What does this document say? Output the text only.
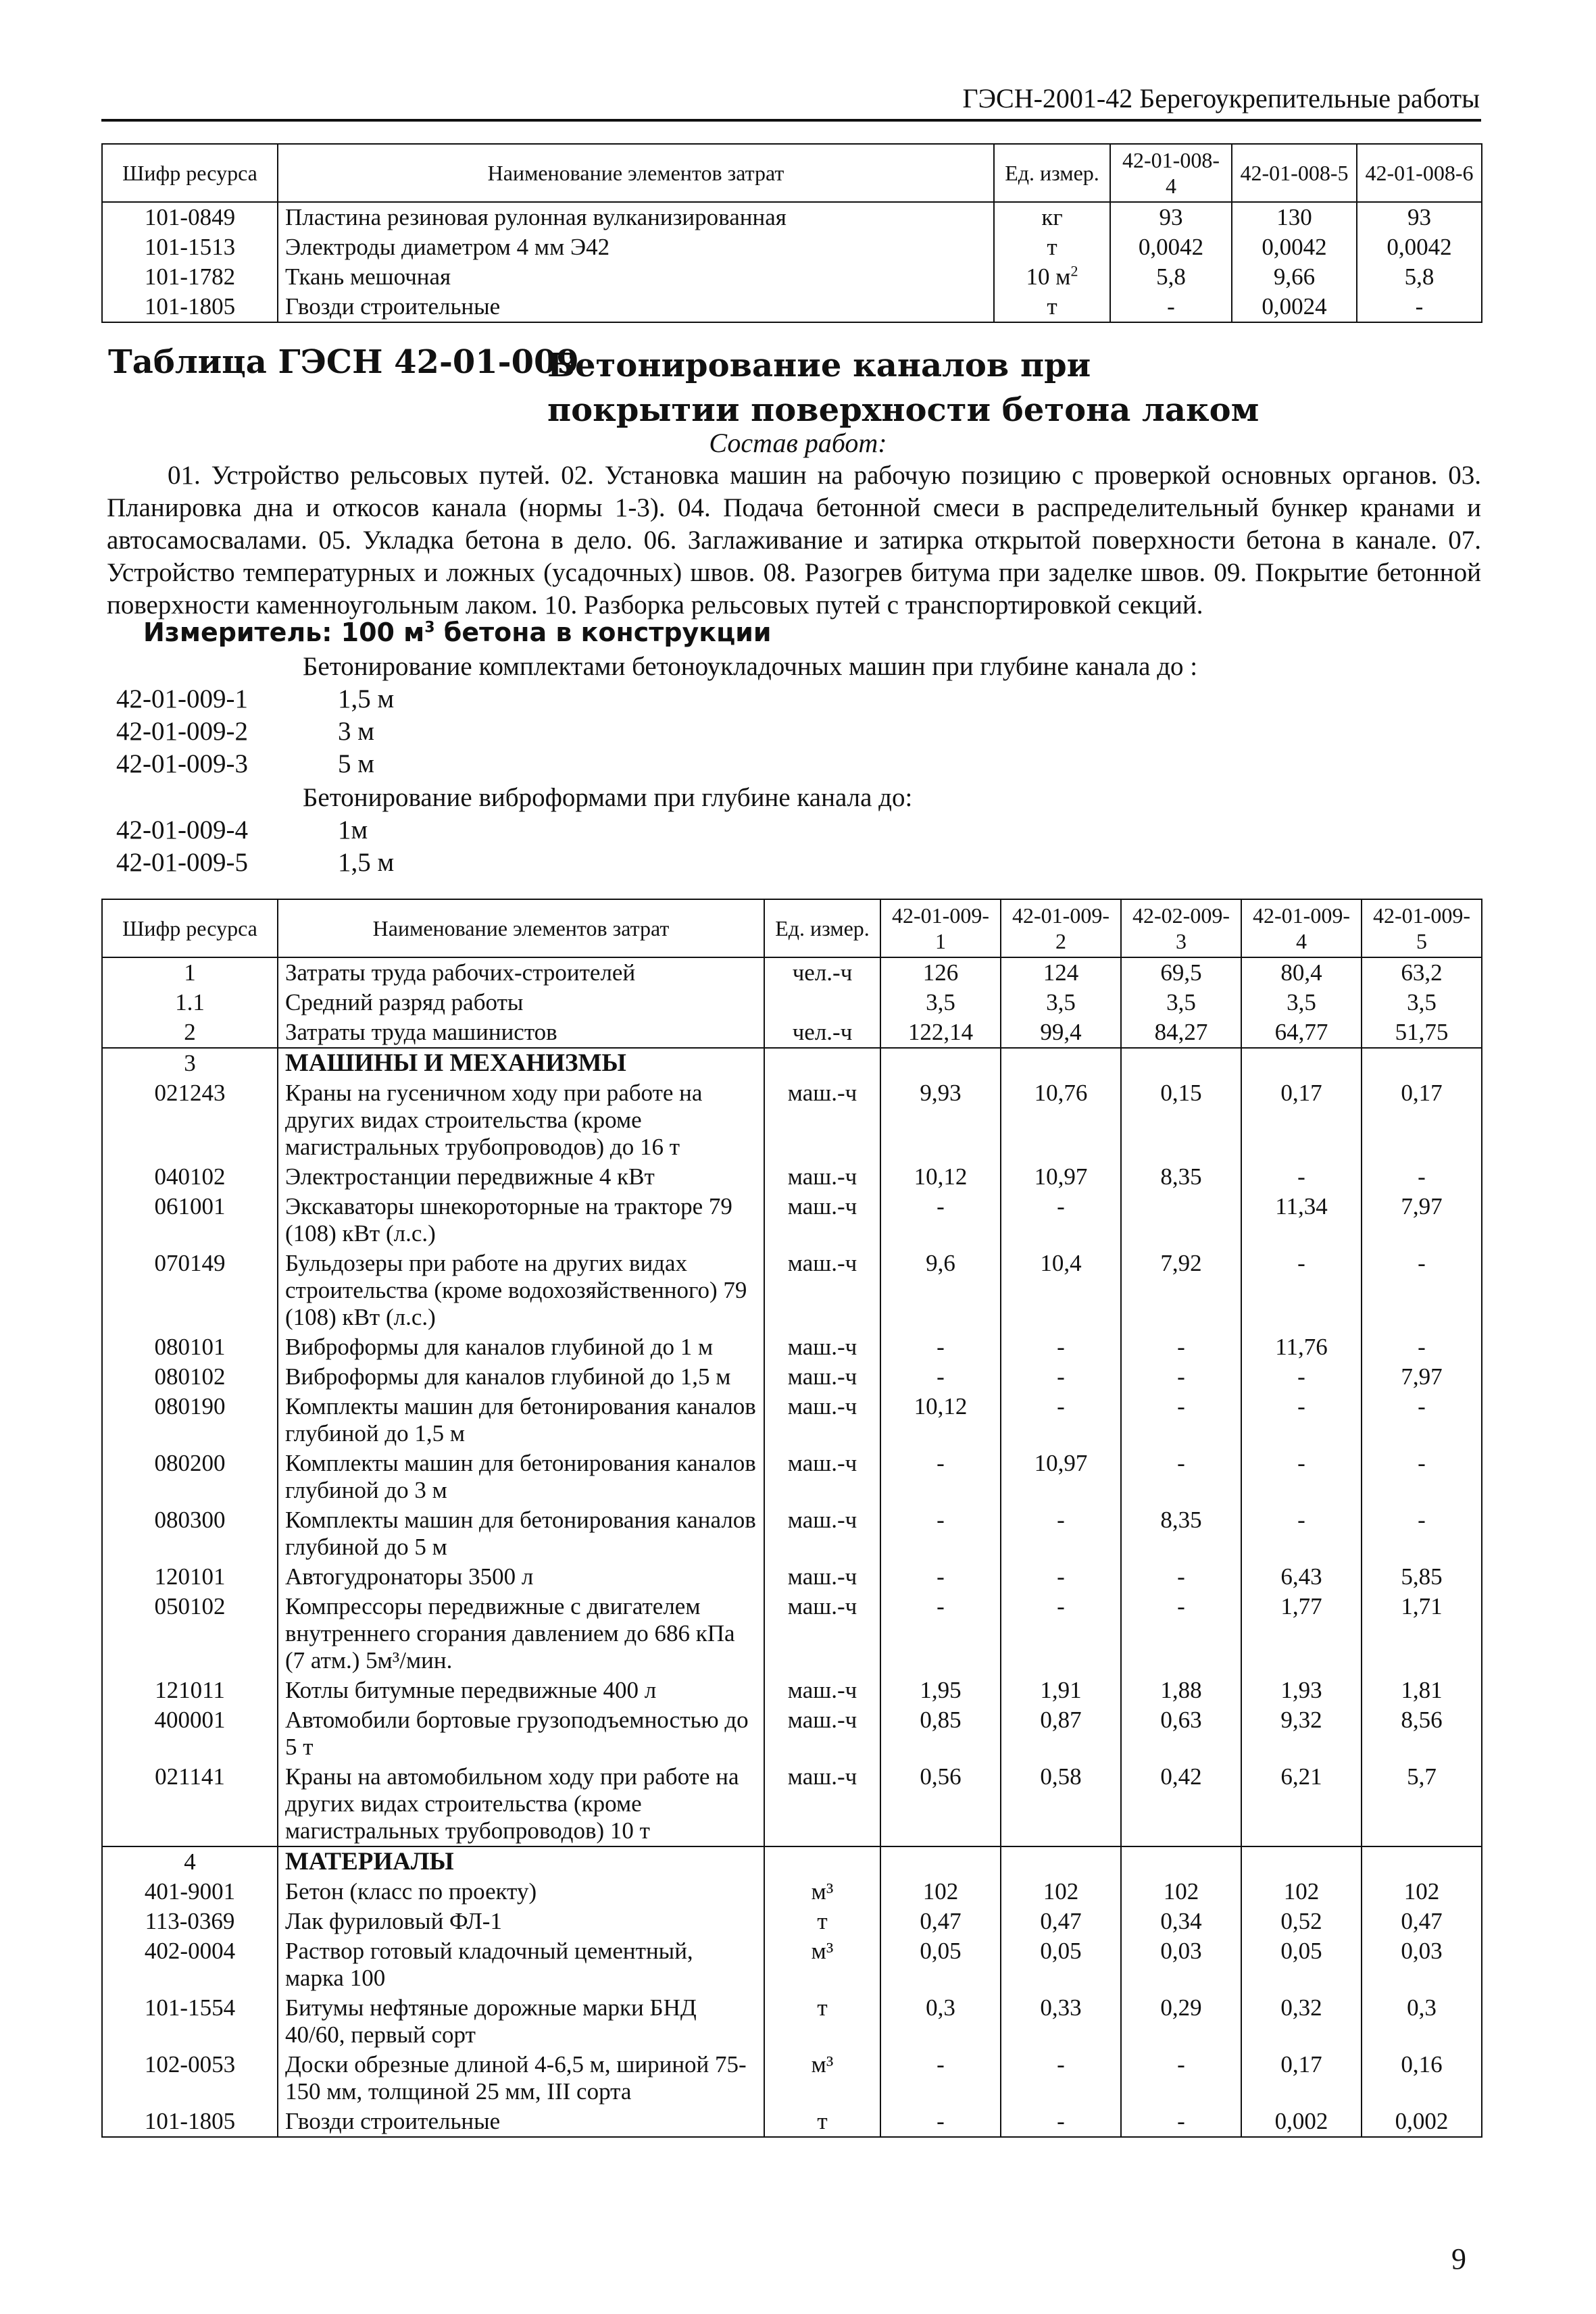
ГЭСН-2001-42 Берегоукрепительные работы
Шифр ресурса	Наименование элементов затрат	Ед. измер.	42-01-008-4	42-01-008-5	42-01-008-6
101-0849	Пластина резиновая рулонная вулканизированная	кг	93	130	93
101-1513	Электроды диаметром 4 мм Э42	т	0,0042	0,0042	0,0042
101-1782	Ткань мешочная	10 $м^2$	5,8	9,66	5,8
101-1805	Гвозди строительные	т	-	0,0024	-
Таблица ГЭСН 42-01-009
Бетонирование каналов при покрытии поверхности бетона лаком
Состав работ:
01. Устройство рельсовых путей. 02. Установка машин на рабочую позицию с проверкой основных органов. 03. Планировка дна и откосов канала (нормы 1-3). 04. Подача бетонной смеси в распределительный бункер кранами и автосамосвалами. 05. Укладка бетона в дело. 06. Заглаживание и затирка открытой поверхности бетона в канале. 07. Устройство температурных и ложных (усадочных) швов. 08. Разогрев битума при заделке швов. 09. Покрытие бетонной поверхности каменноугольным лаком. 10. Разборка рельсовых путей с транспортировкой секций.
Измеритель: 100 $м^3$ бетона в конструкции
Бетонирование комплектами бетоноукладочных машин при глубине канала до :
42-01-009-1	1,5 м
42-01-009-2	3 м
42-01-009-3	5 м
Бетонирование виброформами при глубине канала до:
42-01-009-4	1м
42-01-009-5	1,5 м
Шифр ресурса	Наименование элементов затрат	Ед. измер.	42-01-009-1	42-01-009-2	42-02-009-3	42-01-009-4	42-01-009-5
1	Затраты труда рабочих-строителей	чел.-ч	126	124	69,5	80,4	63,2
1.1	Средний разряд работы		3,5	3,5	3,5	3,5	3,5
2	Затраты труда машинистов	чел.-ч	122,14	99,4	84,27	64,77	51,75
3	МАШИНЫ И МЕХАНИЗМЫ						
021243	Краны на гусеничном ходу при работе на других видах строительства (кроме магистральных трубопроводов) до 16 т	маш.-ч	9,93	10,76	0,15	0,17	0,17
040102	Электростанции передвижные 4 кВт	маш.-ч	10,12	10,97	8,35	-	-
061001	Экскаваторы шнекороторные на тракторе 79 (108) кВт (л.с.)	маш.-ч	-	-		11,34	7,97
070149	Бульдозеры при работе на других видах строительства (кроме водохозяйственного) 79 (108) кВт (л.с.)	маш.-ч	9,6	10,4	7,92	-	-
080101	Виброформы для каналов глубиной до 1 м	маш.-ч	-	-	-	11,76	-
080102	Виброформы для каналов глубиной до 1,5 м	маш.-ч	-	-	-	-	7,97
080190	Комплекты машин для бетонирования каналов глубиной до 1,5 м	маш.-ч	10,12	-	-	-	-
080200	Комплекты машин для бетонирования каналов глубиной до 3 м	маш.-ч	-	10,97	-	-	-
080300	Комплекты машин для бетонирования каналов глубиной до 5 м	маш.-ч	-	-	8,35	-	-
120101	Автогудронаторы 3500 л	маш.-ч	-	-	-	6,43	5,85
050102	Компрессоры передвижные с двигателем внутреннего сгорания давлением до 686 кПа (7 атм.) 5м³/мин.	маш.-ч	-	-	-	1,77	1,71
121011	Котлы битумные передвижные 400 л	маш.-ч	1,95	1,91	1,88	1,93	1,81
400001	Автомобили бортовые грузоподъемностью до 5 т	маш.-ч	0,85	0,87	0,63	9,32	8,56
021141	Краны на автомобильном ходу при работе на других видах строительства (кроме магистральных трубопроводов) 10 т	маш.-ч	0,56	0,58	0,42	6,21	5,7
4	МАТЕРИАЛЫ						
401-9001	Бетон (класс по проекту)	м³	102	102	102	102	102
113-0369	Лак фуриловый ФЛ-1	т	0,47	0,47	0,34	0,52	0,47
402-0004	Раствор готовый кладочный цементный, марка 100	м³	0,05	0,05	0,03	0,05	0,03
101-1554	Битумы нефтяные дорожные марки БНД 40/60, первый сорт	т	0,3	0,33	0,29	0,32	0,3
102-0053	Доски обрезные длиной 4-6,5 м, шириной 75-150 мм, толщиной 25 мм, III сорта	м³	-	-	-	0,17	0,16
101-1805	Гвозди строительные	т	-	-	-	0,002	0,002
9
